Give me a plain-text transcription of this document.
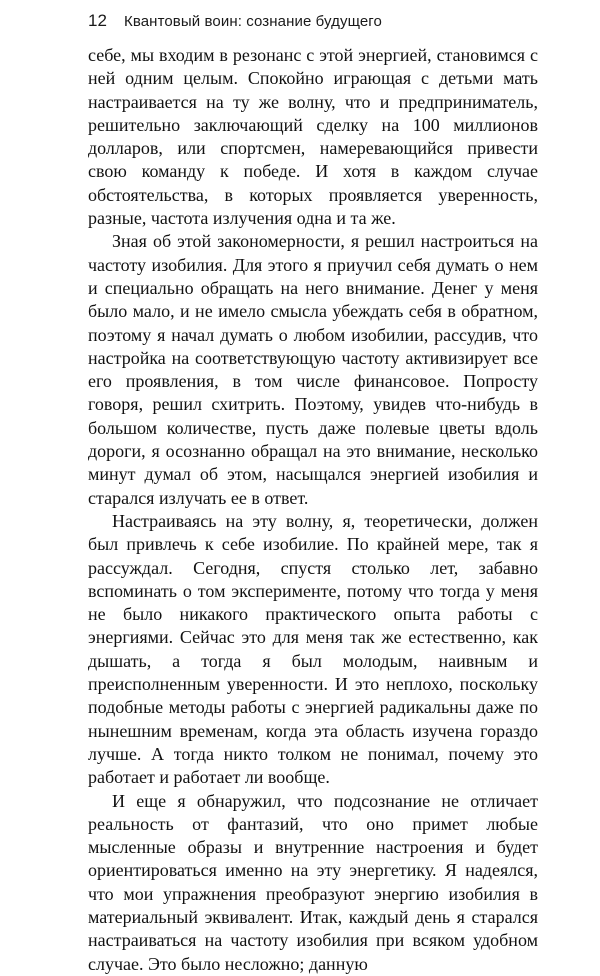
12	Квантовый воин: сознание будущего

себе, мы входим в резонанс с этой энергией, становимся с ней одним целым. Спокойно играющая с детьми мать настраивается на ту же волну, что и предприниматель, решительно заключающий сделку на 100 миллионов долларов, или спортсмен, намеревающийся привести свою команду к победе. И хотя в каждом случае обстоятельства, в которых проявляется уверенность, разные, частота излучения одна и та же.

Зная об этой закономерности, я решил настроиться на частоту изобилия. Для этого я приучил себя думать о нем и специально обращать на него внимание. Денег у меня было мало, и не имело смысла убеждать себя в обратном, поэтому я начал думать о любом изобилии, рассудив, что настройка на соответствующую частоту активизирует все его проявления, в том числе финансовое. Попросту говоря, решил схитрить. Поэтому, увидев что-нибудь в большом количестве, пусть даже полевые цветы вдоль дороги, я осознанно обращал на это внимание, несколько минут думал об этом, насыщался энергией изобилия и старался излучать ее в ответ.

Настраиваясь на эту волну, я, теоретически, должен был привлечь к себе изобилие. По крайней мере, так я рассуждал. Сегодня, спустя столько лет, забавно вспоминать о том эксперименте, потому что тогда у меня не было никакого практического опыта работы с энергиями. Сейчас это для меня так же естественно, как дышать, а тогда я был молодым, наивным и преисполненным уверенности. И это неплохо, поскольку подобные методы работы с энергией радикальны даже по нынешним временам, когда эта область изучена гораздо лучше. А тогда никто толком не понимал, почему это работает и работает ли вообще.

И еще я обнаружил, что подсознание не отличает реальность от фантазий, что оно примет любые мысленные образы и внутренние настроения и будет ориентироваться именно на эту энергетику. Я надеялся, что мои упражнения преобразуют энергию изобилия в материальный эквивалент. Итак, каждый день я старался настраиваться на частоту изобилия при всяком удобном случае. Это было несложно; данную
